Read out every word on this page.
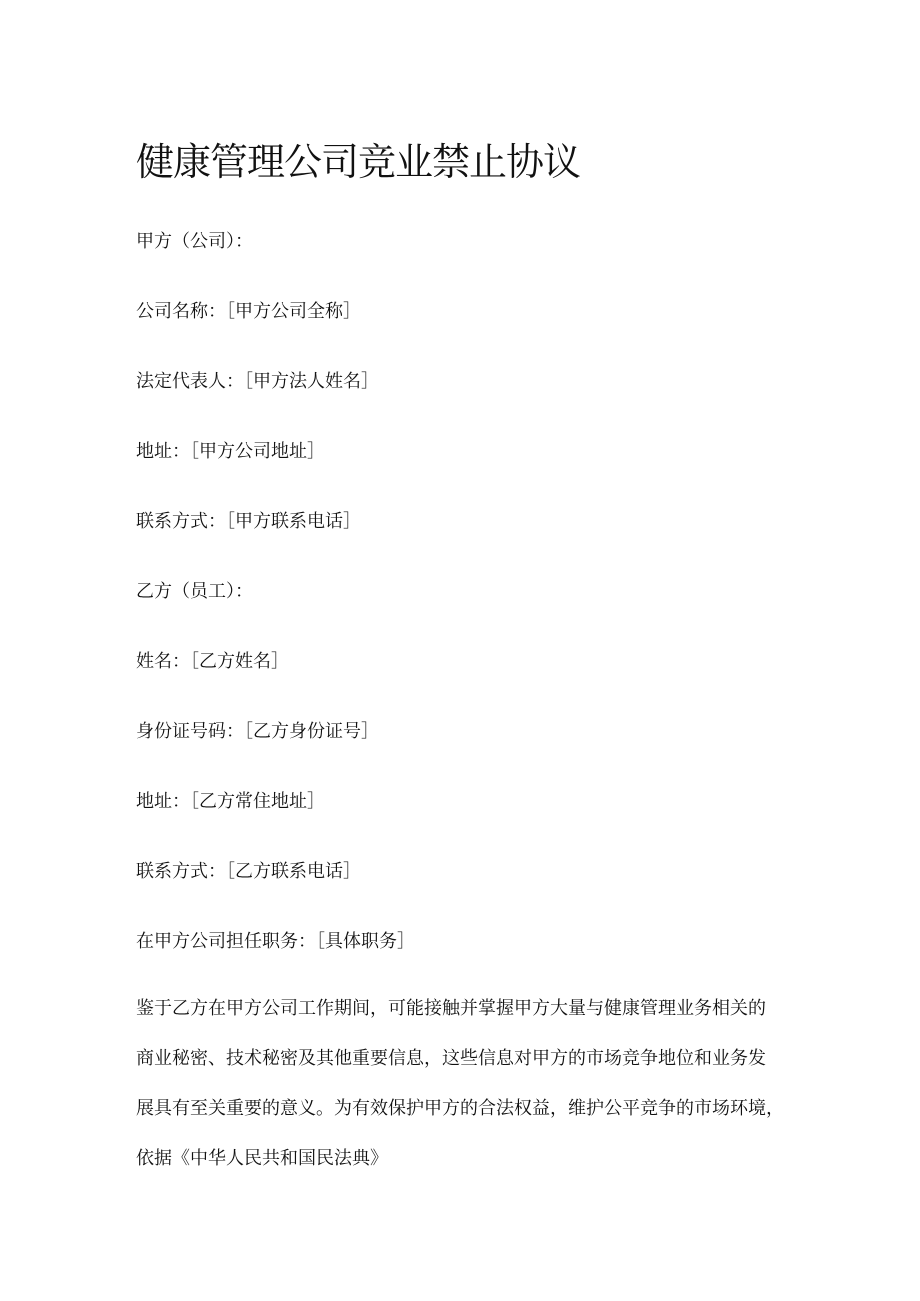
健康管理公司竞业禁止协议

甲方（公司）：

公司名称：［甲方公司全称］

法定代表人：［甲方法人姓名］

地址：［甲方公司地址］

联系方式：［甲方联系电话］

乙方（员工）：

姓名：［乙方姓名］

身份证号码：［乙方身份证号］

地址：［乙方常住地址］

联系方式：［乙方联系电话］

在甲方公司担任职务：［具体职务］

鉴于乙方在甲方公司工作期间，可能接触并掌握甲方大量与健康管理业务相关的
商业秘密、技术秘密及其他重要信息，这些信息对甲方的市场竞争地位和业务发
展具有至关重要的意义。为有效保护甲方的合法权益，维护公平竞争的市场环境，
依据《中华人民共和国民法典》
